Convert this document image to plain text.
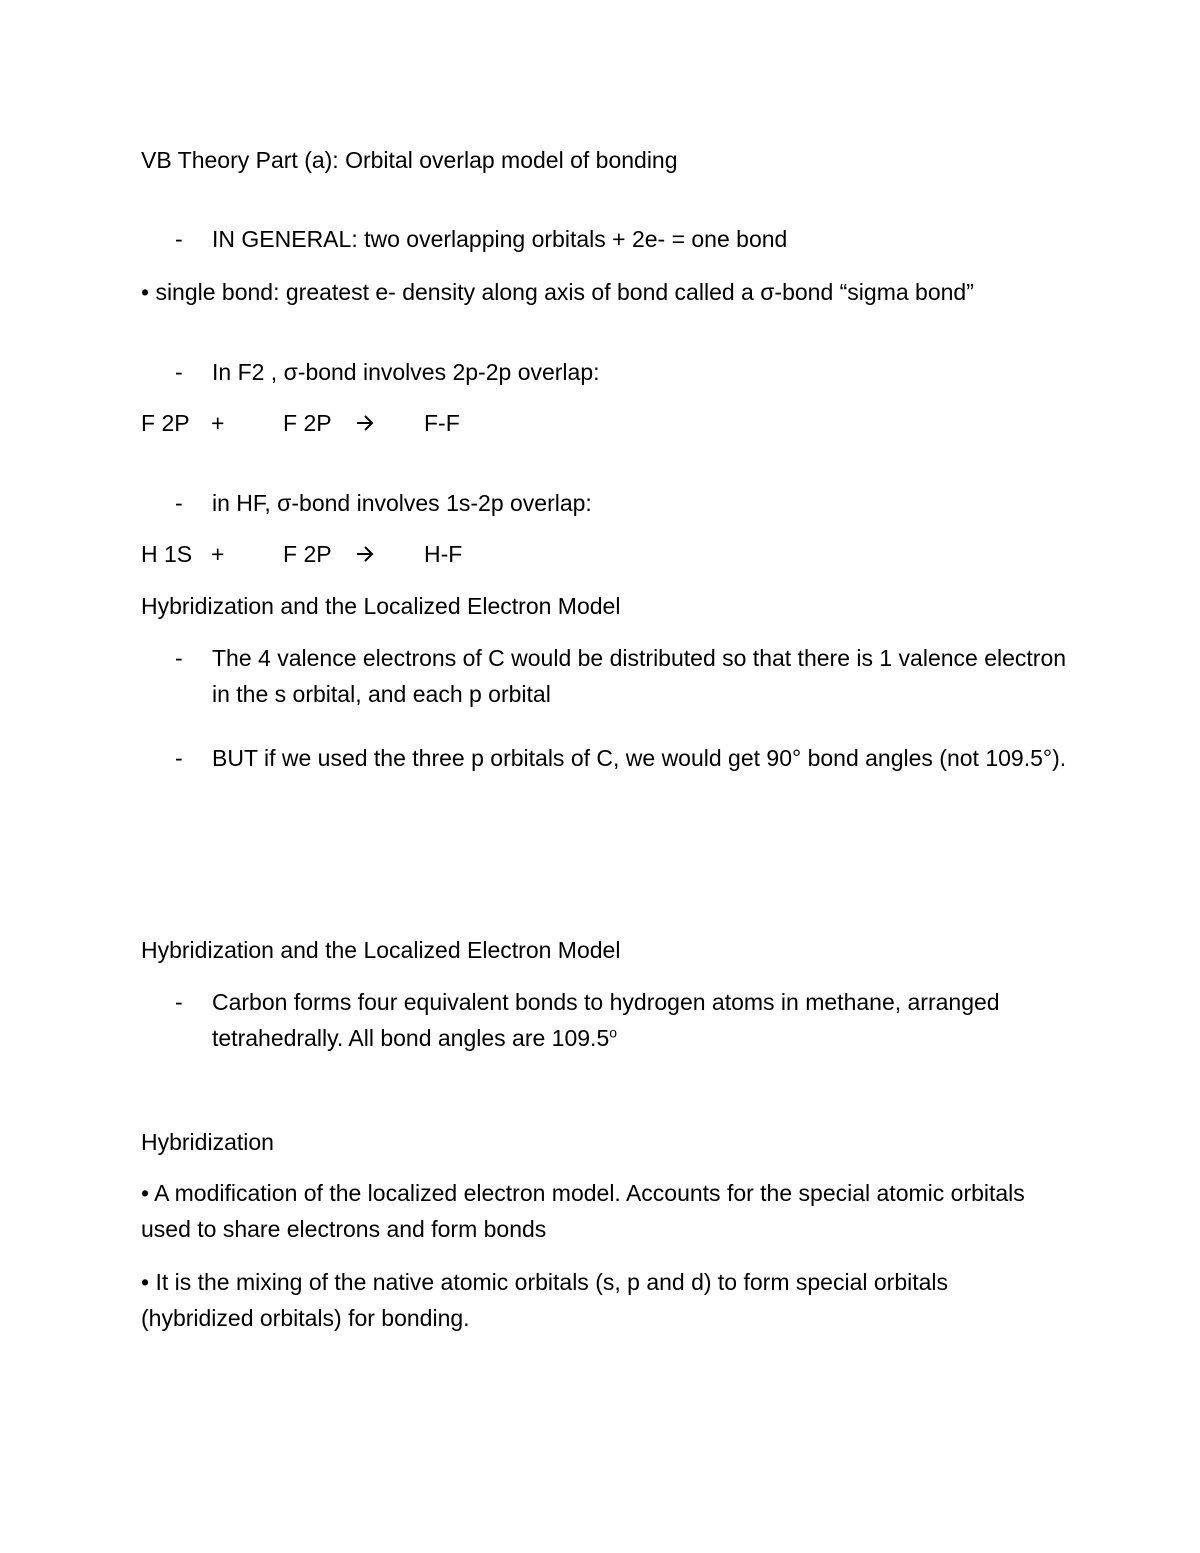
VB Theory Part (a): Orbital overlap model of bonding
- IN GENERAL: two overlapping orbitals + 2e- = one bond
• single bond: greatest e- density along axis of bond called a σ-bond “sigma bond”
- In F2 , σ-bond involves 2p-2p overlap:
F 2P +	F 2P	F-F
- in HF, σ-bond involves 1s-2p overlap:
H 1S +	F 2P	H-F
Hybridization and the Localized Electron Model
- The 4 valence electrons of C would be distributed so that there is 1 valence electron in the s orbital, and each p orbital
- BUT if we used the three p orbitals of C, we would get 90° bond angles (not 109.5°).
Hybridization and the Localized Electron Model
- Carbon forms four equivalent bonds to hydrogen atoms in methane, arranged tetrahedrally. All bond angles are 109.5$^o$
Hybridization
• A modification of the localized electron model. Accounts for the special atomic orbitals used to share electrons and form bonds
• It is the mixing of the native atomic orbitals (s, p and d) to form special orbitals (hybridized orbitals) for bonding.
